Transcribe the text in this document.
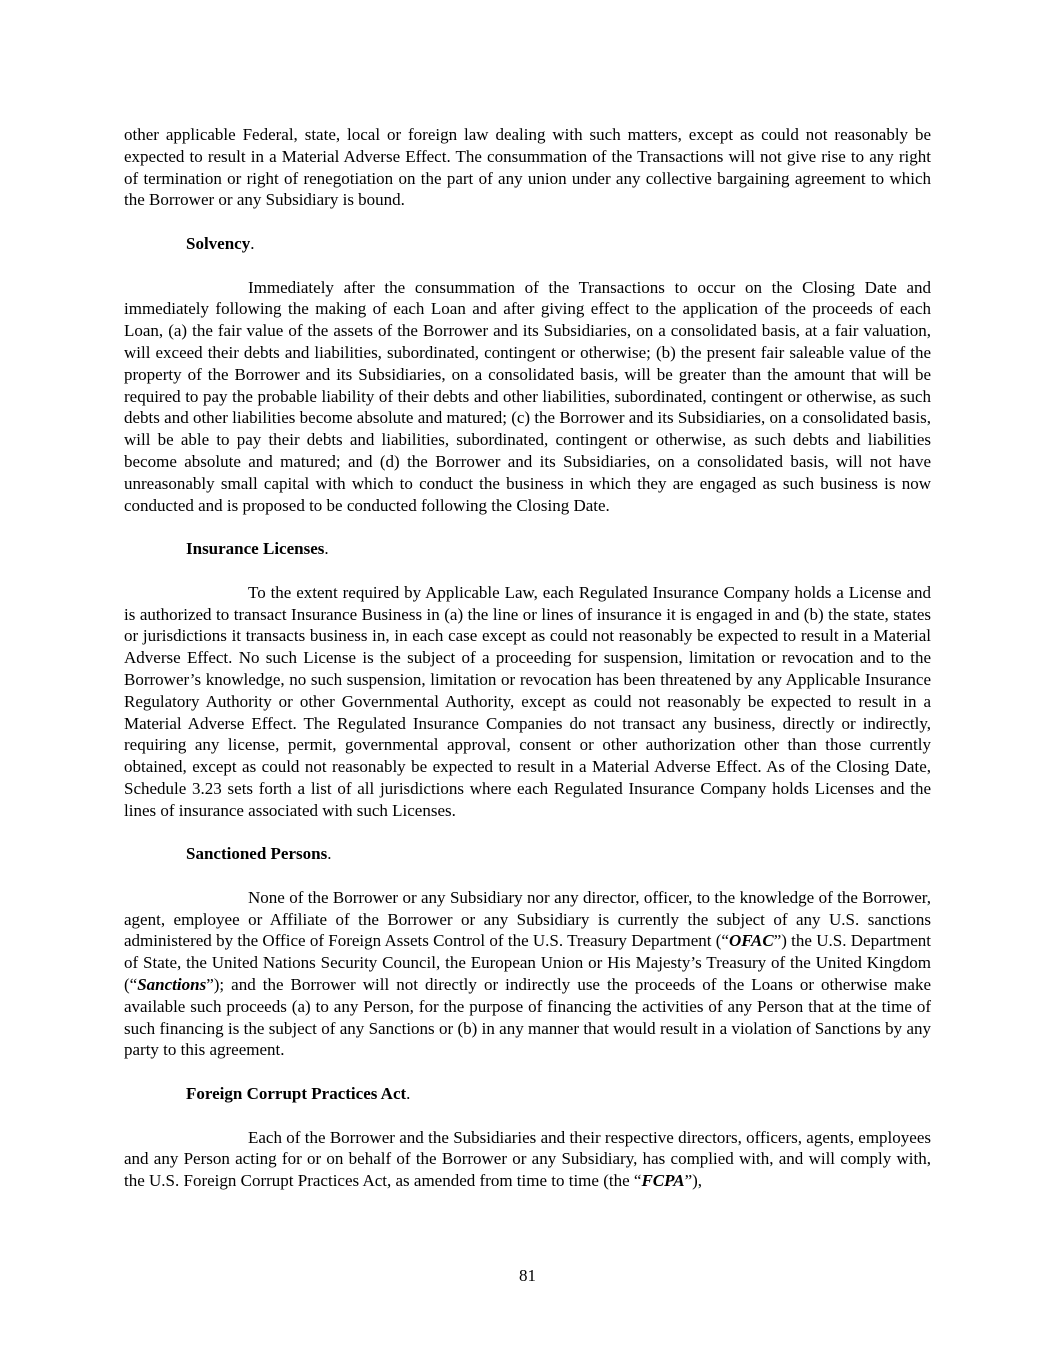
other applicable Federal, state, local or foreign law dealing with such matters, except as could not reasonably be expected to result in a Material Adverse Effect. The consummation of the Transactions will not give rise to any right of termination or right of renegotiation on the part of any union under any collective bargaining agreement to which the Borrower or any Subsidiary is bound.

Solvency.

Immediately after the consummation of the Transactions to occur on the Closing Date and immediately following the making of each Loan and after giving effect to the application of the proceeds of each Loan, (a) the fair value of the assets of the Borrower and its Subsidiaries, on a consolidated basis, at a fair valuation, will exceed their debts and liabilities, subordinated, contingent or otherwise; (b) the present fair saleable value of the property of the Borrower and its Subsidiaries, on a consolidated basis, will be greater than the amount that will be required to pay the probable liability of their debts and other liabilities, subordinated, contingent or otherwise, as such debts and other liabilities become absolute and matured; (c) the Borrower and its Subsidiaries, on a consolidated basis, will be able to pay their debts and liabilities, subordinated, contingent or otherwise, as such debts and liabilities become absolute and matured; and (d) the Borrower and its Subsidiaries, on a consolidated basis, will not have unreasonably small capital with which to conduct the business in which they are engaged as such business is now conducted and is proposed to be conducted following the Closing Date.

Insurance Licenses.

To the extent required by Applicable Law, each Regulated Insurance Company holds a License and is authorized to transact Insurance Business in (a) the line or lines of insurance it is engaged in and (b) the state, states or jurisdictions it transacts business in, in each case except as could not reasonably be expected to result in a Material Adverse Effect. No such License is the subject of a proceeding for suspension, limitation or revocation and to the Borrower’s knowledge, no such suspension, limitation or revocation has been threatened by any Applicable Insurance Regulatory Authority or other Governmental Authority, except as could not reasonably be expected to result in a Material Adverse Effect. The Regulated Insurance Companies do not transact any business, directly or indirectly, requiring any license, permit, governmental approval, consent or other authorization other than those currently obtained, except as could not reasonably be expected to result in a Material Adverse Effect. As of the Closing Date, Schedule 3.23 sets forth a list of all jurisdictions where each Regulated Insurance Company holds Licenses and the lines of insurance associated with such Licenses.

Sanctioned Persons.

None of the Borrower or any Subsidiary nor any director, officer, to the knowledge of the Borrower, agent, employee or Affiliate of the Borrower or any Subsidiary is currently the subject of any U.S. sanctions administered by the Office of Foreign Assets Control of the U.S. Treasury Department (“OFAC”) the U.S. Department of State, the United Nations Security Council, the European Union or His Majesty’s Treasury of the United Kingdom (“Sanctions”); and the Borrower will not directly or indirectly use the proceeds of the Loans or otherwise make available such proceeds (a) to any Person, for the purpose of financing the activities of any Person that at the time of such financing is the subject of any Sanctions or (b) in any manner that would result in a violation of Sanctions by any party to this agreement.

Foreign Corrupt Practices Act.

Each of the Borrower and the Subsidiaries and their respective directors, officers, agents, employees and any Person acting for or on behalf of the Borrower or any Subsidiary, has complied with, and will comply with, the U.S. Foreign Corrupt Practices Act, as amended from time to time (the “FCPA”),

81
